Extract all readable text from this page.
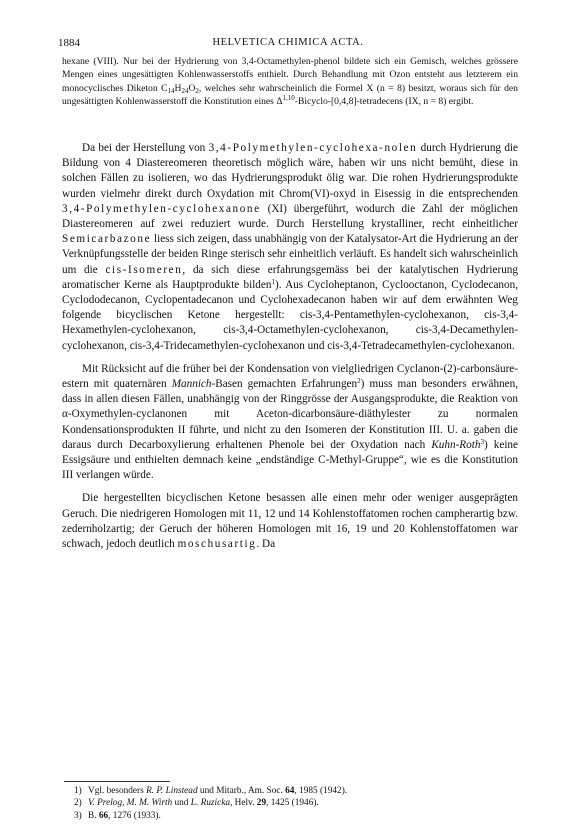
1884	HELVETICA CHIMICA ACTA.

hexane (VIII). Nur bei der Hydrierung von 3,4-Octamethylen-phenol bildete sich ein Gemisch, welches grössere Mengen eines ungesättigten Kohlenwasserstoffs enthielt. Durch Behandlung mit Ozon entsteht aus letzterem ein monocyclisches Diketon $C_{14}H_{24}O_2$, welches sehr wahrscheinlich die Formel X (n = 8) besitzt, woraus sich für den ungesättigten Kohlenwasserstoff die Konstitution eines Δ$^{1,10}$-Bicyclo-[0,4,8]-tetradecens (IX, n = 8) ergibt.

Da bei der Herstellung von 3,4-Polymethylen-cyclohexa-nolen durch Hydrierung die Bildung von 4 Diastereomeren theoretisch möglich wäre, haben wir uns nicht bemüht, diese in solchen Fällen zu isolieren, wo das Hydrierungsprodukt ölig war. Die rohen Hydrierungsprodukte wurden vielmehr direkt durch Oxydation mit Chrom(VI)-oxyd in Eisessig in die entsprechenden 3,4-Polymethylen-cyclohexanone (XI) übergeführt, wodurch die Zahl der möglichen Diastereomeren auf zwei reduziert wurde. Durch Herstellung krystalliner, recht einheitlicher Semicarbazone liess sich zeigen, dass unabhängig von der Katalysator-Art die Hydrierung an der Verknüpfungsstelle der beiden Ringe sterisch sehr einheitlich verläuft. Es handelt sich wahrscheinlich um die cis-Isomeren, da sich diese erfahrungsgemäss bei der katalytischen Hydrierung aromatischer Kerne als Hauptprodukte bilden$^1$). Aus Cycloheptanon, Cyclooctanon, Cyclodecanon, Cyclododecanon, Cyclopentadecanon und Cyclohexadecanon haben wir auf dem erwähnten Weg folgende bicyclischen Ketone hergestellt: cis-3,4-Pentamethylen-cyclohexanon, cis-3,4-Hexamethylen-cyclohexanon, cis-3,4-Octamethylen-cyclohexanon, cis-3,4-Decamethylen-cyclohexanon, cis-3,4-Tridecamethylen-cyclohexanon und cis-3,4-Tetradecamethylen-cyclohexanon.

Mit Rücksicht auf die früher bei der Kondensation von vielgliedrigen Cyclanon-(2)-carbonsäure-estern mit quaternären Mannich-Basen gemachten Erfahrungen$^2$) muss man besonders erwähnen, dass in allen diesen Fällen, unabhängig von der Ringgrösse der Ausgangsprodukte, die Reaktion von α-Oxymethylen-cyclanonen mit Aceton-dicarbonsäure-diäthylester zu normalen Kondensationsprodukten II führte, und nicht zu den Isomeren der Konstitution III. U. a. gaben die daraus durch Decarboxylierung erhaltenen Phenole bei der Oxydation nach Kuhn-Roth$^3$) keine Essigsäure und enthielten demnach keine „endständige C-Methyl-Gruppe“, wie es die Konstitution III verlangen würde.

Die hergestellten bicyclischen Ketone besassen alle einen mehr oder weniger ausgeprägten Geruch. Die niedrigeren Homologen mit 11, 12 und 14 Kohlenstoffatomen rochen campherartig bzw. zedernholzartig; der Geruch der höheren Homologen mit 16, 19 und 20 Kohlenstoffatomen war schwach, jedoch deutlich moschusartig. Da

1) Vgl. besonders R. P. Linstead und Mitarb., Am. Soc. 64, 1985 (1942).
2) V. Prelog, M. M. Wirth und L. Ruzicka, Helv. 29, 1425 (1946).
3) B. 66, 1276 (1933).
